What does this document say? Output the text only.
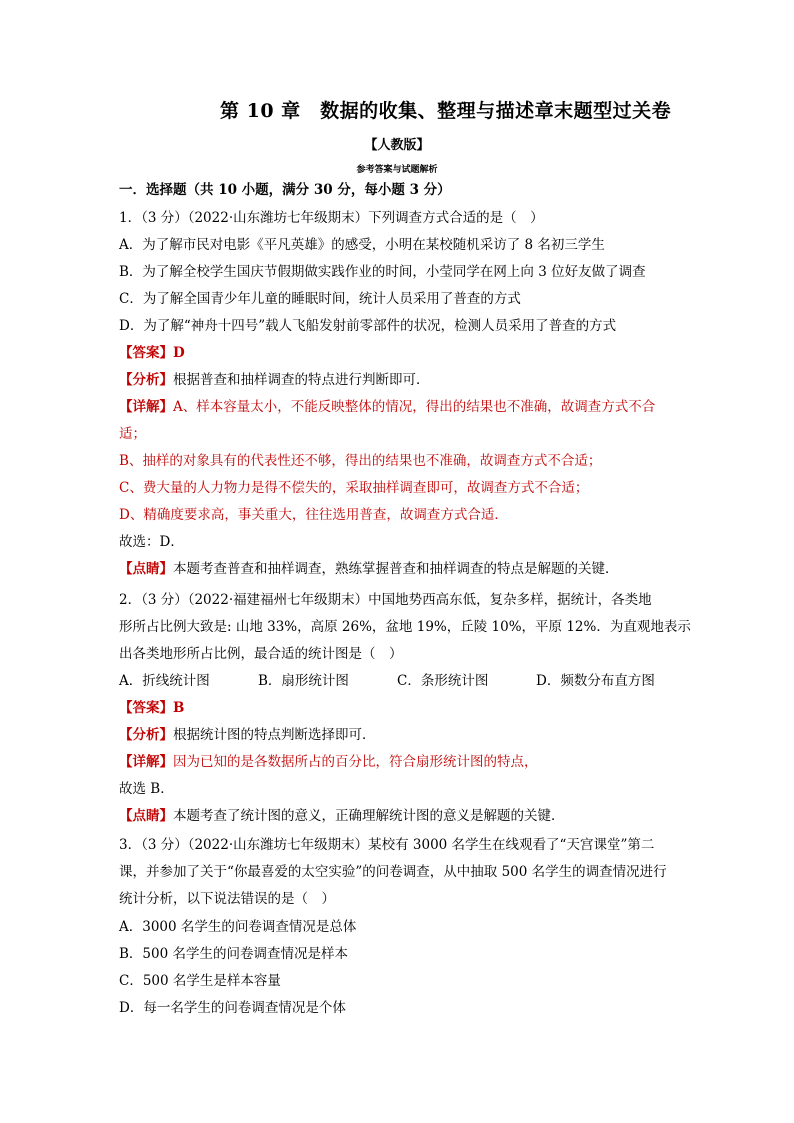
第 10 章　数据的收集、整理与描述章末题型过关卷
【人教版】
参考答案与试题解析
一．选择题（共 10 小题，满分 30 分，每小题 3 分）
1．（3 分）（2022·山东潍坊七年级期末）下列调查方式合适的是（　）
A．为了解市民对电影《平凡英雄》的感受，小明在某校随机采访了 8 名初三学生
B．为了解全校学生国庆节假期做实践作业的时间，小莹同学在网上向 3 位好友做了调查
C．为了解全国青少年儿童的睡眠时间，统计人员采用了普查的方式
D．为了解“神舟十四号”载人飞船发射前零部件的状况，检测人员采用了普查的方式
【答案】D
【分析】根据普查和抽样调查的特点进行判断即可．
【详解】A、样本容量太小，不能反映整体的情况，得出的结果也不准确，故调查方式不合
适；
B、抽样的对象具有的代表性还不够，得出的结果也不准确，故调查方式不合适；
C、费大量的人力物力是得不偿失的，采取抽样调查即可，故调查方式不合适；
D、精确度要求高，事关重大，往往选用普查，故调查方式合适．
故选：D．
【点睛】本题考查普查和抽样调查，熟练掌握普查和抽样调查的特点是解题的关键．
2．（3 分）（2022·福建福州七年级期末）中国地势西高东低，复杂多样，据统计，各类地
形所占比例大致是: 山地 33%，高原 26%，盆地 19%，丘陵 10%，平原 12%．为直观地表示
出各类地形所占比例，最合适的统计图是（　）
A．折线统计图	B．扇形统计图	C．条形统计图	D．频数分布直方图
【答案】B
【分析】根据统计图的特点判断选择即可．
【详解】因为已知的是各数据所占的百分比，符合扇形统计图的特点，
故选 B．
【点睛】本题考查了统计图的意义，正确理解统计图的意义是解题的关键．
3．（3 分）（2022·山东潍坊七年级期末）某校有 3000 名学生在线观看了“天宫课堂”第二
课，并参加了关于“你最喜爱的太空实验”的问卷调查，从中抽取 500 名学生的调查情况进行
统计分析，以下说法错误的是（　）
A．3000 名学生的问卷调查情况是总体
B．500 名学生的问卷调查情况是样本
C．500 名学生是样本容量
D．每一名学生的问卷调查情况是个体
